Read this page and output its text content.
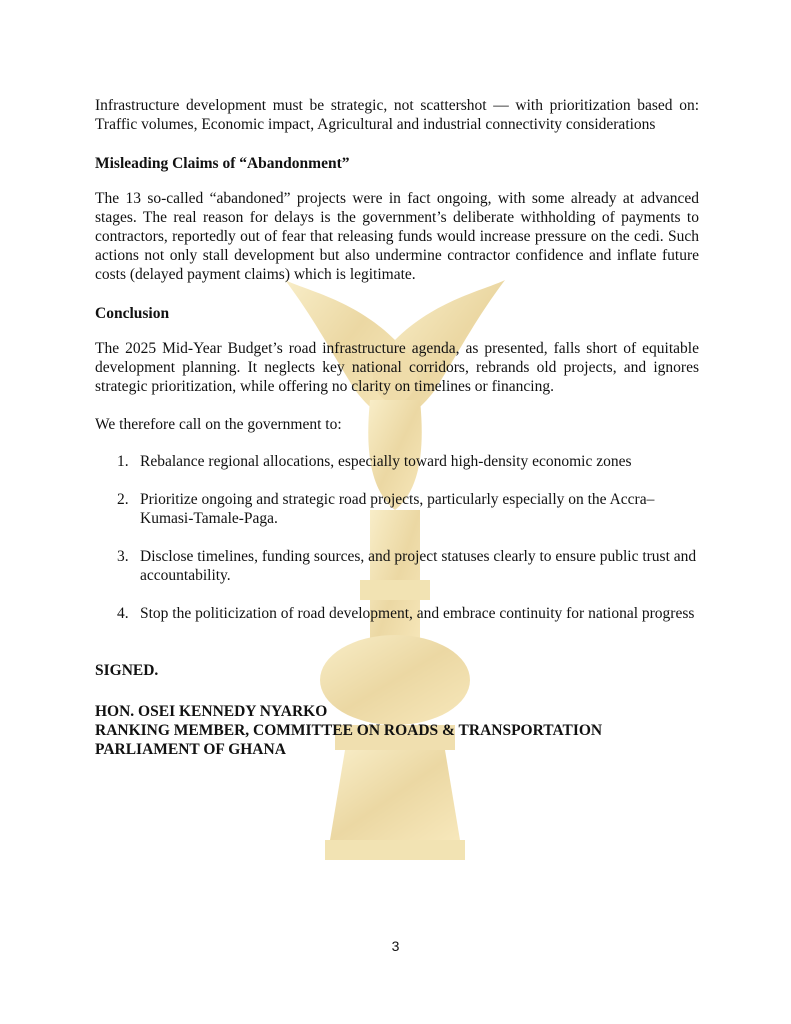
Infrastructure development must be strategic, not scattershot — with prioritization based on: Traffic volumes, Economic impact, Agricultural and industrial connectivity considerations

Misleading Claims of “Abandonment”

The 13 so-called “abandoned” projects were in fact ongoing, with some already at advanced stages. The real reason for delays is the government’s deliberate withholding of payments to contractors, reportedly out of fear that releasing funds would increase pressure on the cedi. Such actions not only stall development but also undermine contractor confidence and inflate future costs (delayed payment claims) which is legitimate.

Conclusion

The 2025 Mid-Year Budget’s road infrastructure agenda, as presented, falls short of equitable development planning. It neglects key national corridors, rebrands old projects, and ignores strategic prioritization, while offering no clarity on timelines or financing.

We therefore call on the government to:

1. Rebalance regional allocations, especially toward high-density economic zones
2. Prioritize ongoing and strategic road projects, particularly especially on the Accra–Kumasi-Tamale-Paga.
3. Disclose timelines, funding sources, and project statuses clearly to ensure public trust and accountability.
4. Stop the politicization of road development, and embrace continuity for national progress

SIGNED.

HON. OSEI KENNEDY NYARKO
RANKING MEMBER, COMMITTEE ON ROADS & TRANSPORTATION
PARLIAMENT OF GHANA
3
